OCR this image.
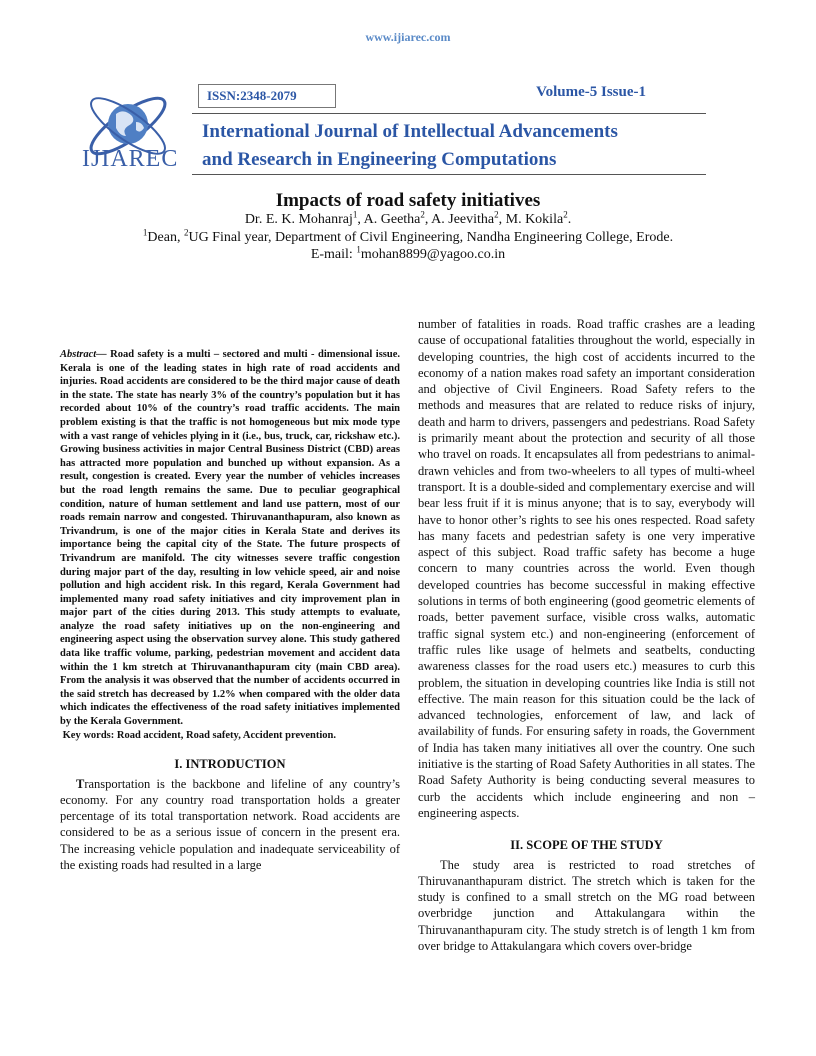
www.ijiarec.com
IJIAREC
ISSN:2348-2079	Volume-5 Issue-1
International Journal of Intellectual Advancements
and Research in Engineering Computations
Impacts of road safety initiatives
Dr. E. K. Mohanraj$^1$, A. Geetha$^2$, A. Jeevitha$^2$, M. Kokila$^2$.
$^1$Dean, $^2$UG Final year, Department of Civil Engineering, Nandha Engineering College, Erode.
E-mail: $^1$mohan8899@yagoo.co.in

Abstract— Road safety is a multi – sectored and multi - dimensional issue. Kerala is one of the leading states in high rate of road accidents and injuries. Road accidents are considered to be the third major cause of death in the state. The state has nearly 3% of the country’s population but it has recorded about 10% of the country’s road traffic accidents. The main problem existing is that the traffic is not homogeneous but mix mode type with a vast range of vehicles plying in it (i.e., bus, truck, car, rickshaw etc.). Growing business activities in major Central Business District (CBD) areas has attracted more population and bunched up without expansion. As a result, congestion is created. Every year the number of vehicles increases but the road length remains the same. Due to peculiar geographical condition, nature of human settlement and land use pattern, most of our roads remain narrow and congested. Thiruvananthapuram, also known as Trivandrum, is one of the major cities in Kerala State and derives its importance being the capital city of the State. The future prospects of Trivandrum are manifold. The city witnesses severe traffic congestion during major part of the day, resulting in low vehicle speed, air and noise pollution and high accident risk. In this regard, Kerala Government had implemented many road safety initiatives and city improvement plan in major part of the cities during 2013. This study attempts to evaluate, analyze the road safety initiatives up on the non-engineering and engineering aspect using the observation survey alone. This study gathered data like traffic volume, parking, pedestrian movement and accident data within the 1 km stretch at Thiruvananthapuram city (main CBD area). From the analysis it was observed that the number of accidents occurred in the said stretch has decreased by 1.2% when compared with the older data which indicates the effectiveness of the road safety initiatives implemented by the Kerala Government.

Key words: Road accident, Road safety, Accident prevention.

I. INTRODUCTION

Transportation is the backbone and lifeline of any country’s economy. For any country road transportation holds a greater percentage of its total transportation network. Road accidents are considered to be as a serious issue of concern in the present era. The increasing vehicle population and inadequate serviceability of the existing roads had resulted in a large

number of fatalities in roads. Road traffic crashes are a leading cause of occupational fatalities throughout the world, especially in developing countries, the high cost of accidents incurred to the economy of a nation makes road safety an important consideration and objective of Civil Engineers. Road Safety refers to the methods and measures that are related to reduce risks of injury, death and harm to drivers, passengers and pedestrians. Road Safety is primarily meant about the protection and security of all those who travel on roads. It encapsulates all from pedestrians to animal-drawn vehicles and from two-wheelers to all types of multi-wheel transport. It is a double-sided and complementary exercise and will bear less fruit if it is minus anyone; that is to say, everybody will have to honor other’s rights to see his ones respected. Road safety has many facets and pedestrian safety is one very imperative aspect of this subject. Road traffic safety has become a huge concern to many countries across the world. Even though developed countries has become successful in making effective solutions in terms of both engineering (good geometric elements of roads, better pavement surface, visible cross walks, automatic traffic signal system etc.) and non-engineering (enforcement of traffic rules like usage of helmets and seatbelts, conducting awareness classes for the road users etc.) measures to curb this problem, the situation in developing countries like India is still not effective. The main reason for this situation could be the lack of advanced technologies, enforcement of law, and lack of availability of funds. For ensuring safety in roads, the Government of India has taken many initiatives all over the country. One such initiative is the starting of Road Safety Authorities in all states. The Road Safety Authority is being conducting several measures to curb the accidents which include engineering and non – engineering aspects.

II. SCOPE OF THE STUDY

The study area is restricted to road stretches of Thiruvananthapuram district. The stretch which is taken for the study is confined to a small stretch on the MG road between overbridge junction and Attakulangara within the Thiruvananthapuram city. The study stretch is of length 1 km from over bridge to Attakulangara which covers over-bridge
